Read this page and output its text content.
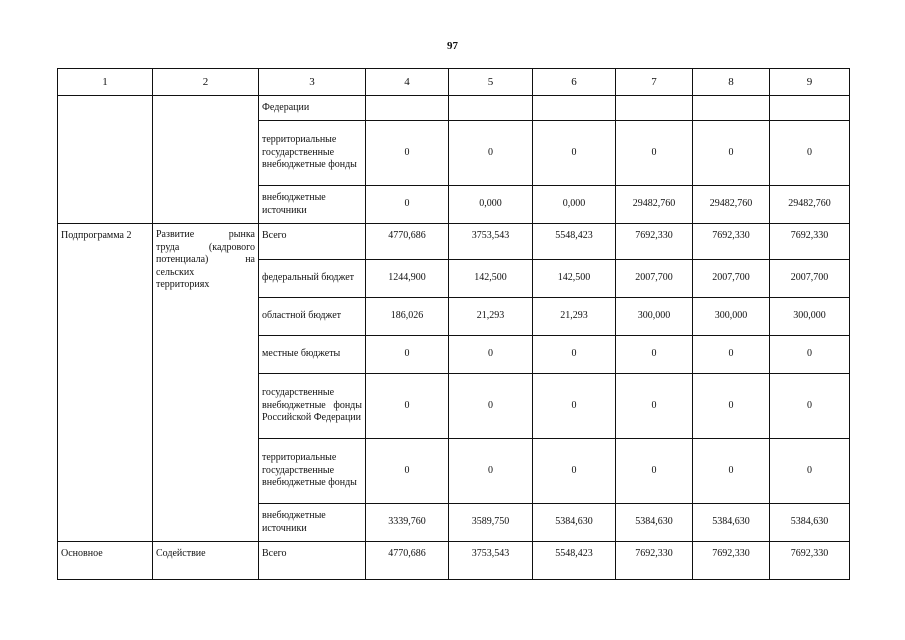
97
1	2	3	4	5	6	7	8	9
		Федерации						
		территориальные государственные внебюджетные фонды	0	0	0	0	0	0
		внебюджетные источники	0	0,000	0,000	29482,760	29482,760	29482,760
Подпрограмма 2	Развитие рынка
труда (кадрового
потенциала) на
сельских
территориях	Всего	4770,686	3753,543	5548,423	7692,330	7692,330	7692,330
		федеральный бюджет	1244,900	142,500	142,500	2007,700	2007,700	2007,700
		областной бюджет	186,026	21,293	21,293	300,000	300,000	300,000
		местные бюджеты	0	0	0	0	0	0
		государственные внебюджетные фонды Российской Федерации	0	0	0	0	0	0
		территориальные государственные внебюджетные фонды	0	0	0	0	0	0
		внебюджетные источники	3339,760	3589,750	5384,630	5384,630	5384,630	5384,630
Основное	Содействие	Всего	4770,686	3753,543	5548,423	7692,330	7692,330	7692,330
